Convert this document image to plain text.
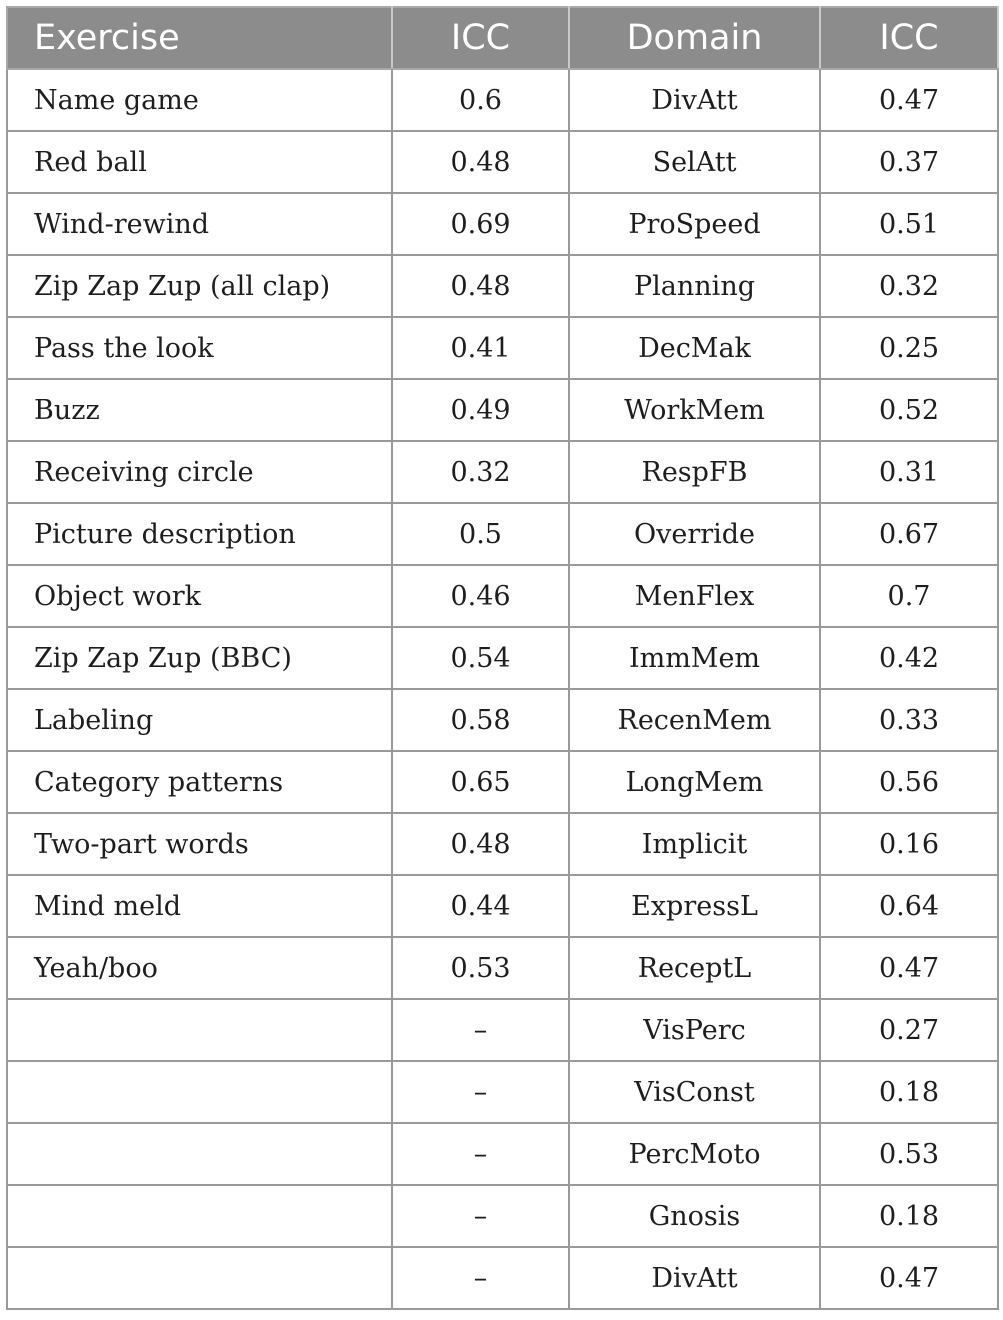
Exercise	ICC	Domain	ICC
Name game	0.6	DivAtt	0.47
Red ball	0.48	SelAtt	0.37
Wind-rewind	0.69	ProSpeed	0.51
Zip Zap Zup (all clap)	0.48	Planning	0.32
Pass the look	0.41	DecMak	0.25
Buzz	0.49	WorkMem	0.52
Receiving circle	0.32	RespFB	0.31
Picture description	0.5	Override	0.67
Object work	0.46	MenFlex	0.7
Zip Zap Zup (BBC)	0.54	ImmMem	0.42
Labeling	0.58	RecenMem	0.33
Category patterns	0.65	LongMem	0.56
Two-part words	0.48	Implicit	0.16
Mind meld	0.44	ExpressL	0.64
Yeah/boo	0.53	ReceptL	0.47
	–	VisPerc	0.27
	–	VisConst	0.18
	–	PercMoto	0.53
	–	Gnosis	0.18
	–	DivAtt	0.47
